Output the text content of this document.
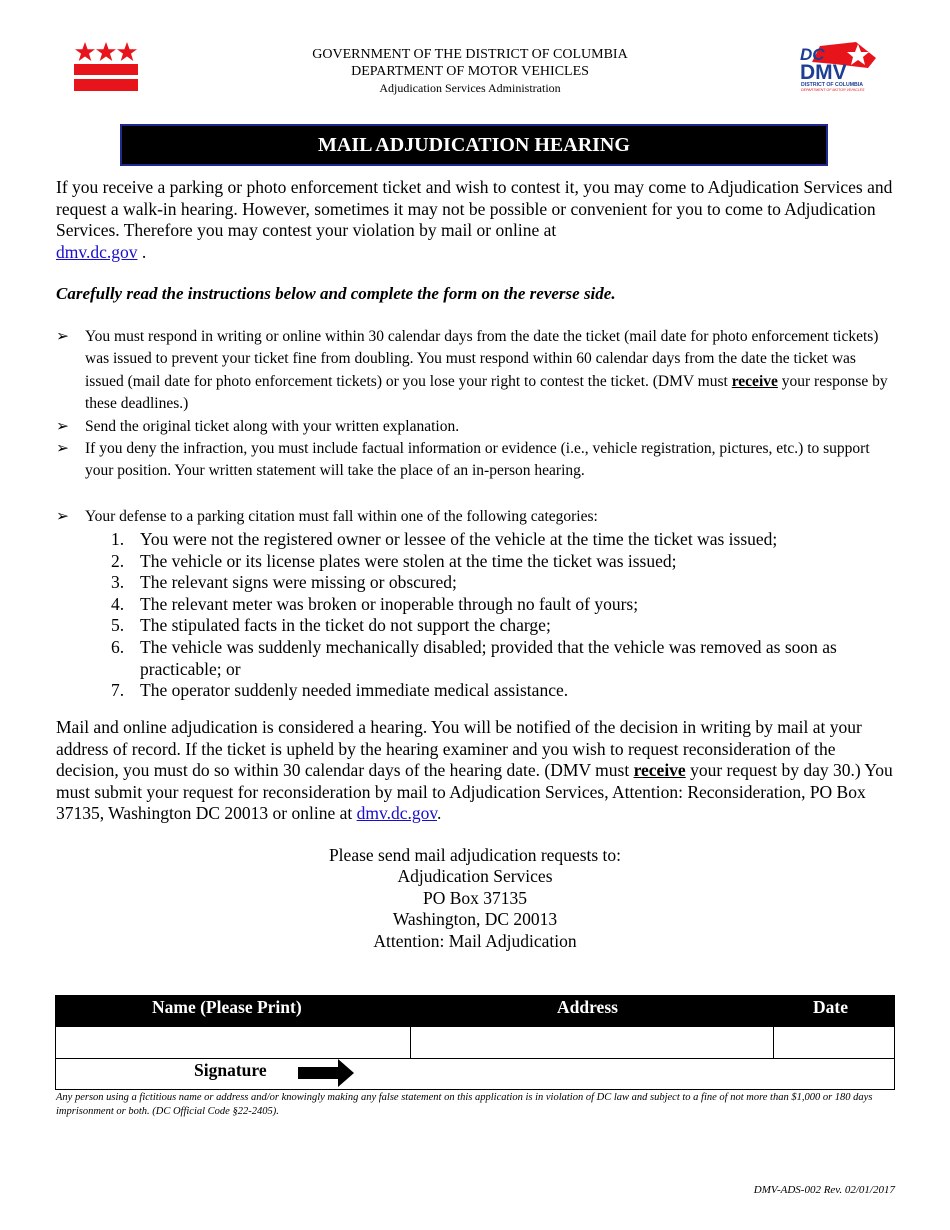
GOVERNMENT OF THE DISTRICT OF COLUMBIA
DEPARTMENT OF MOTOR VEHICLES
Adjudication Services Administration
DC
DMV
DISTRICT OF COLUMBIA
DEPARTMENT OF MOTOR VEHICLES
MAIL ADJUDICATION HEARING
If you receive a parking or photo enforcement ticket and wish to contest it, you may come to Adjudication Services and request a walk-in hearing. However, sometimes it may not be possible or convenient for you to come to Adjudication Services. Therefore you may contest your violation by mail or online at
dmv.dc.gov .
Carefully read the instructions below and complete the form on the reverse side.
➢ You must respond in writing or online within 30 calendar days from the date the ticket (mail date for photo enforcement tickets) was issued to prevent your ticket fine from doubling. You must respond within 60 calendar days from the date the ticket was issued (mail date for photo enforcement tickets) or you lose your right to contest the ticket. (DMV must receive your response by these deadlines.)
➢ Send the original ticket along with your written explanation.
➢ If you deny the infraction, you must include factual information or evidence (i.e., vehicle registration, pictures, etc.) to support your position. Your written statement will take the place of an in-person hearing.
➢ Your defense to a parking citation must fall within one of the following categories:
1. You were not the registered owner or lessee of the vehicle at the time the ticket was issued;
2. The vehicle or its license plates were stolen at the time the ticket was issued;
3. The relevant signs were missing or obscured;
4. The relevant meter was broken or inoperable through no fault of yours;
5. The stipulated facts in the ticket do not support the charge;
6. The vehicle was suddenly mechanically disabled; provided that the vehicle was removed as soon as practicable; or
7. The operator suddenly needed immediate medical assistance.
Mail and online adjudication is considered a hearing. You will be notified of the decision in writing by mail at your address of record. If the ticket is upheld by the hearing examiner and you wish to request reconsideration of the decision, you must do so within 30 calendar days of the hearing date. (DMV must receive your request by day 30.) You must submit your request for reconsideration by mail to Adjudication Services, Attention: Reconsideration, PO Box 37135, Washington DC 20013 or online at dmv.dc.gov.
Please send mail adjudication requests to:
Adjudication Services
PO Box 37135
Washington, DC 20013
Attention: Mail Adjudication
Name (Please Print)	Address	Date
Signature
Any person using a fictitious name or address and/or knowingly making any false statement on this application is in violation of DC law and subject to a fine of not more than $1,000 or 180 days imprisonment or both. (DC Official Code §22-2405).
DMV-ADS-002 Rev. 02/01/2017
